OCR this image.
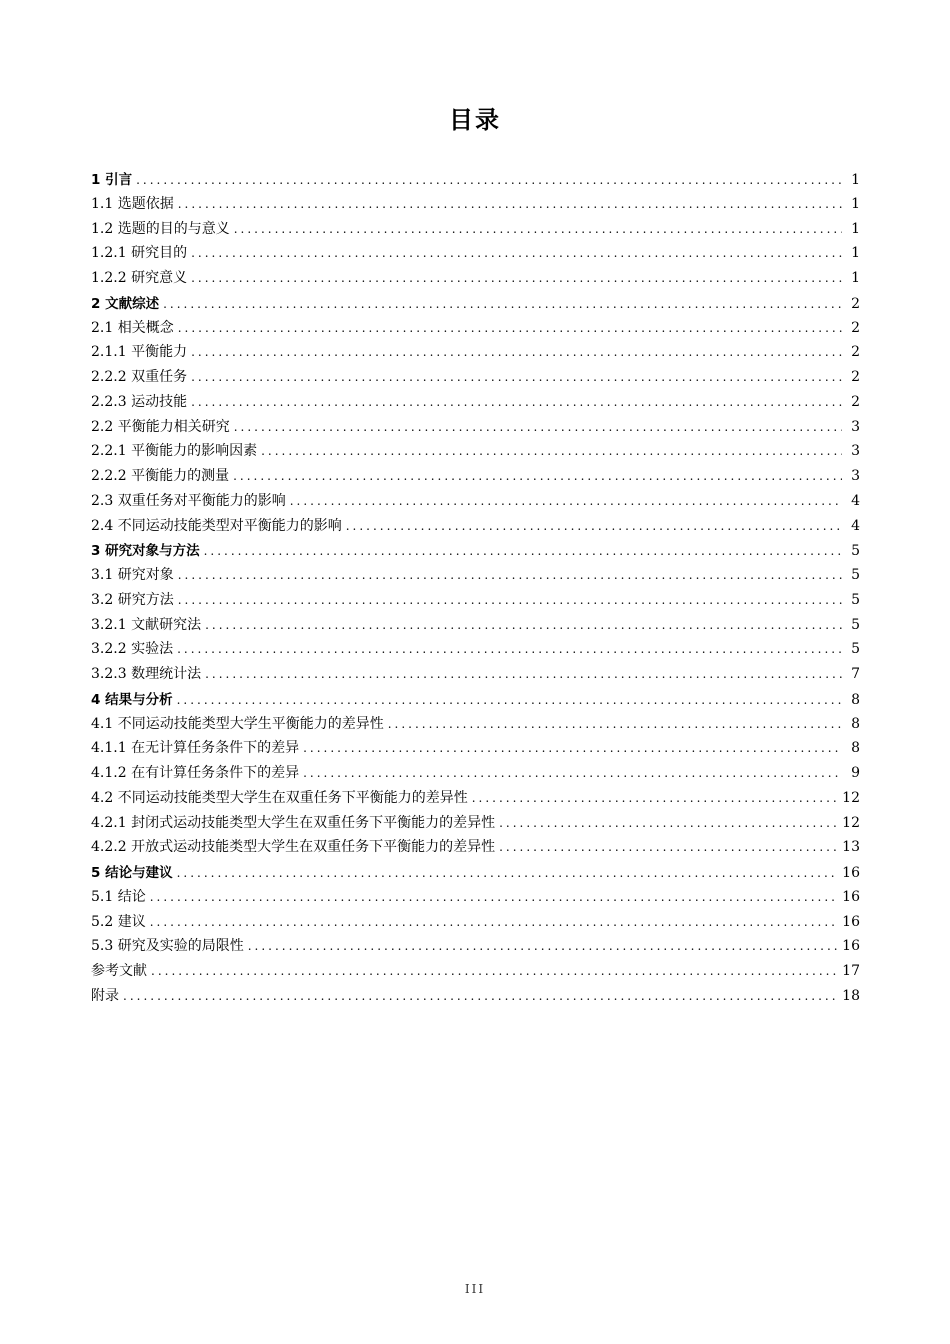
目录
1 引言 .....	1
1.1 选题依据 .....	1
1.2 选题的目的与意义 .....	1
1.2.1 研究目的 .....	1
1.2.2 研究意义 .....	1
2 文献综述 .....	2
2.1 相关概念 .....	2
2.1.1 平衡能力 .....	2
2.2.2 双重任务 .....	2
2.2.3 运动技能 .....	2
2.2 平衡能力相关研究 .....	3
2.2.1 平衡能力的影响因素 .....	3
2.2.2 平衡能力的测量 .....	3
2.3 双重任务对平衡能力的影响 .....	4
2.4 不同运动技能类型对平衡能力的影响 .....	4
3 研究对象与方法 .....	5
3.1 研究对象 .....	5
3.2 研究方法 .....	5
3.2.1 文献研究法 .....	5
3.2.2 实验法 .....	5
3.2.3 数理统计法 .....	7
4 结果与分析 .....	8
4.1 不同运动技能类型大学生平衡能力的差异性 .....	8
4.1.1 在无计算任务条件下的差异 .....	8
4.1.2 在有计算任务条件下的差异 .....	9
4.2 不同运动技能类型大学生在双重任务下平衡能力的差异性 .....	12
4.2.1 封闭式运动技能类型大学生在双重任务下平衡能力的差异性 .....	12
4.2.2 开放式运动技能类型大学生在双重任务下平衡能力的差异性 .....	13
5 结论与建议 .....	16
5.1 结论 .....	16
5.2 建议 .....	16
5.3 研究及实验的局限性 .....	16
参考文献 .....	17
附录 .....	18
III
